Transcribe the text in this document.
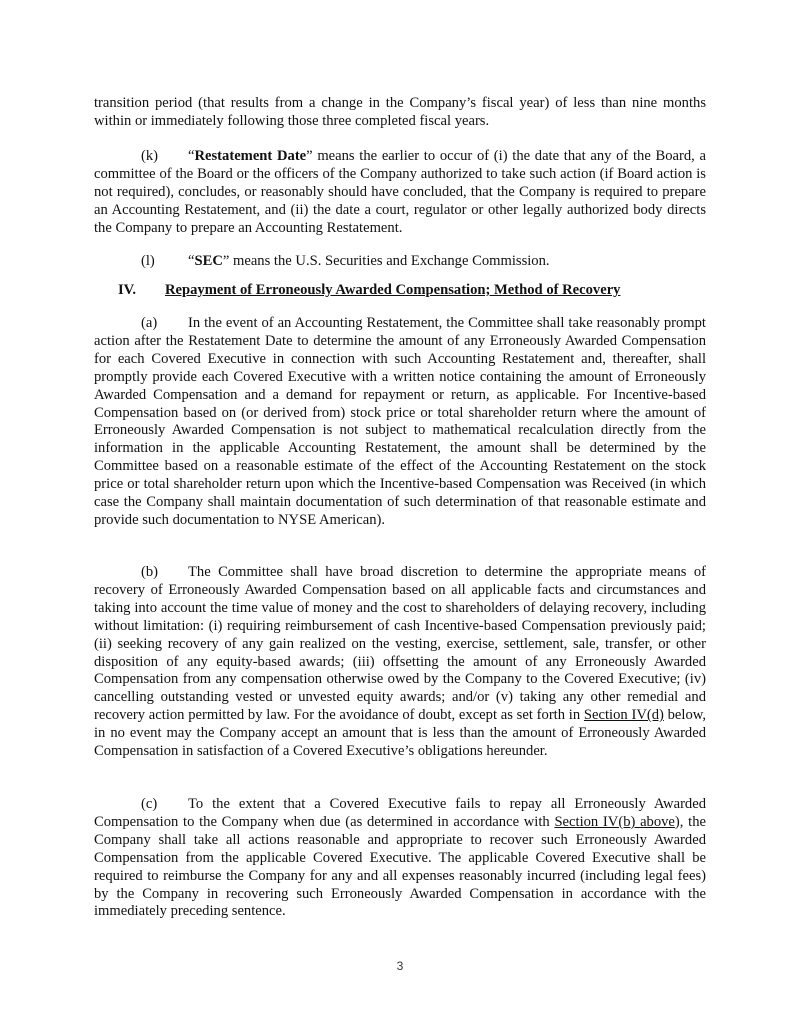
transition period (that results from a change in the Company’s fiscal year) of less than nine months within or immediately following those three completed fiscal years.

(k) “Restatement Date” means the earlier to occur of (i) the date that any of the Board, a committee of the Board or the officers of the Company authorized to take such action (if Board action is not required), concludes, or reasonably should have concluded, that the Company is required to prepare an Accounting Restatement, and (ii) the date a court, regulator or other legally authorized body directs the Company to prepare an Accounting Restatement.

(l) “SEC” means the U.S. Securities and Exchange Commission.

IV. Repayment of Erroneously Awarded Compensation; Method of Recovery

(a) In the event of an Accounting Restatement, the Committee shall take reasonably prompt action after the Restatement Date to determine the amount of any Erroneously Awarded Compensation for each Covered Executive in connection with such Accounting Restatement and, thereafter, shall promptly provide each Covered Executive with a written notice containing the amount of Erroneously Awarded Compensation and a demand for repayment or return, as applicable. For Incentive-based Compensation based on (or derived from) stock price or total shareholder return where the amount of Erroneously Awarded Compensation is not subject to mathematical recalculation directly from the information in the applicable Accounting Restatement, the amount shall be determined by the Committee based on a reasonable estimate of the effect of the Accounting Restatement on the stock price or total shareholder return upon which the Incentive-based Compensation was Received (in which case the Company shall maintain documentation of such determination of that reasonable estimate and provide such documentation to NYSE American).

(b) The Committee shall have broad discretion to determine the appropriate means of recovery of Erroneously Awarded Compensation based on all applicable facts and circumstances and taking into account the time value of money and the cost to shareholders of delaying recovery, including without limitation: (i) requiring reimbursement of cash Incentive-based Compensation previously paid; (ii) seeking recovery of any gain realized on the vesting, exercise, settlement, sale, transfer, or other disposition of any equity-based awards; (iii) offsetting the amount of any Erroneously Awarded Compensation from any compensation otherwise owed by the Company to the Covered Executive; (iv) cancelling outstanding vested or unvested equity awards; and/or (v) taking any other remedial and recovery action permitted by law. For the avoidance of doubt, except as set forth in Section IV(d) below, in no event may the Company accept an amount that is less than the amount of Erroneously Awarded Compensation in satisfaction of a Covered Executive’s obligations hereunder.

(c) To the extent that a Covered Executive fails to repay all Erroneously Awarded Compensation to the Company when due (as determined in accordance with Section IV(b) above), the Company shall take all actions reasonable and appropriate to recover such Erroneously Awarded Compensation from the applicable Covered Executive. The applicable Covered Executive shall be required to reimburse the Company for any and all expenses reasonably incurred (including legal fees) by the Company in recovering such Erroneously Awarded Compensation in accordance with the immediately preceding sentence.

3
